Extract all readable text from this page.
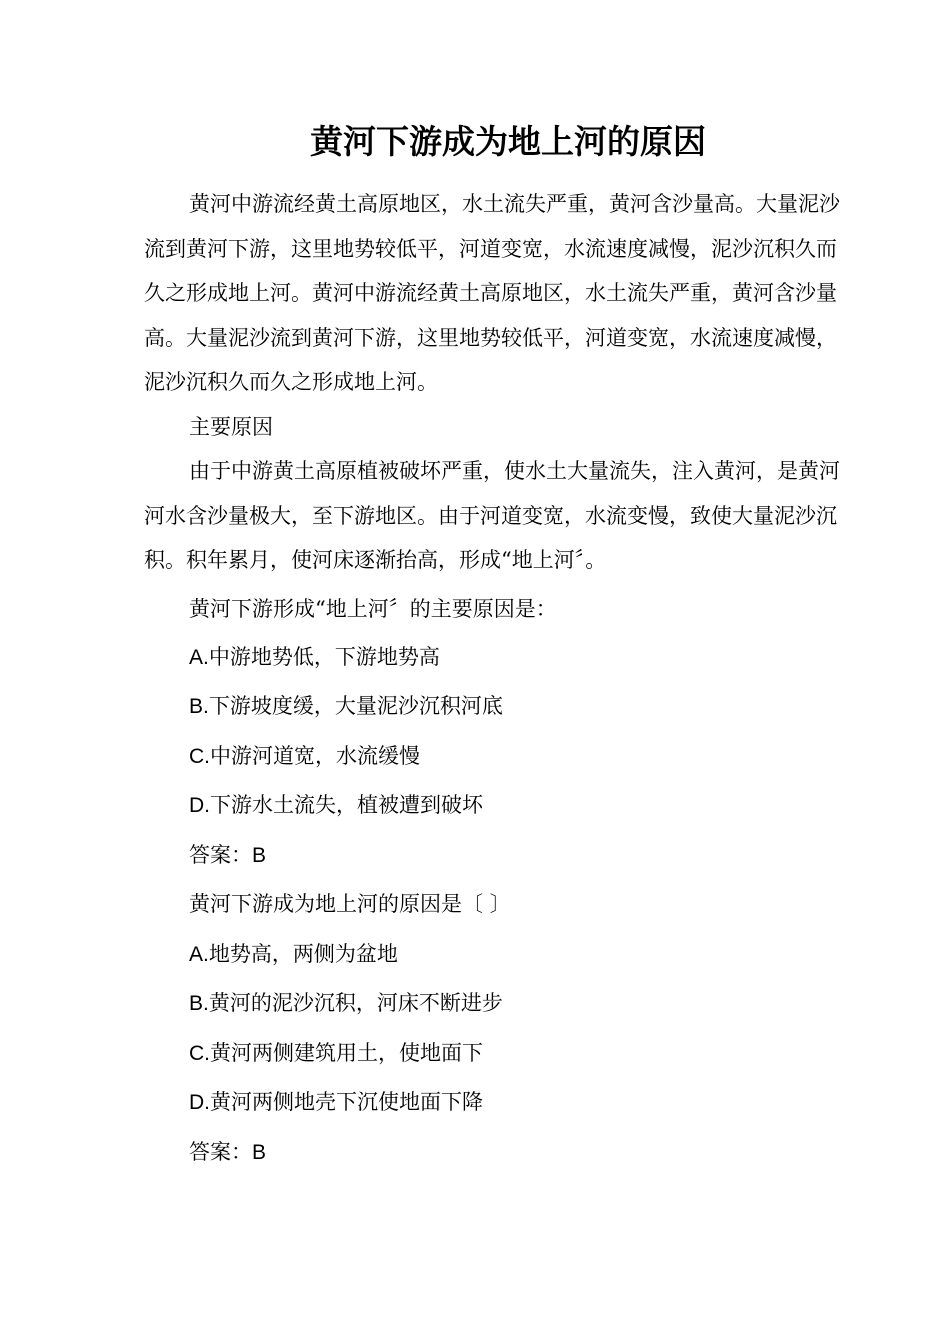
黄河下游成为地上河的原因

黄河中游流经黄土高原地区，水土流失严重，黄河含沙量高。大量泥沙流到黄河下游，这里地势较低平，河道变宽，水流速度减慢，泥沙沉积久而久之形成地上河。黄河中游流经黄土高原地区，水土流失严重，黄河含沙量高。大量泥沙流到黄河下游，这里地势较低平，河道变宽，水流速度减慢，泥沙沉积久而久之形成地上河。

主要原因

由于中游黄土高原植被破坏严重，使水土大量流失，注入黄河，是黄河河水含沙量极大，至下游地区。由于河道变宽，水流变慢，致使大量泥沙沉积。积年累月，使河床逐渐抬高，形成“地上河〞。

黄河下游形成“地上河〞的主要原因是：

A.中游地势低，下游地势高

B.下游坡度缓，大量泥沙沉积河底

C.中游河道宽，水流缓慢

D.下游水土流失，植被遭到破坏

答案：B

黄河下游成为地上河的原因是〔 〕

A.地势高，两侧为盆地

B.黄河的泥沙沉积，河床不断进步

C.黄河两侧建筑用土，使地面下

D.黄河两侧地壳下沉使地面下降

答案：B
